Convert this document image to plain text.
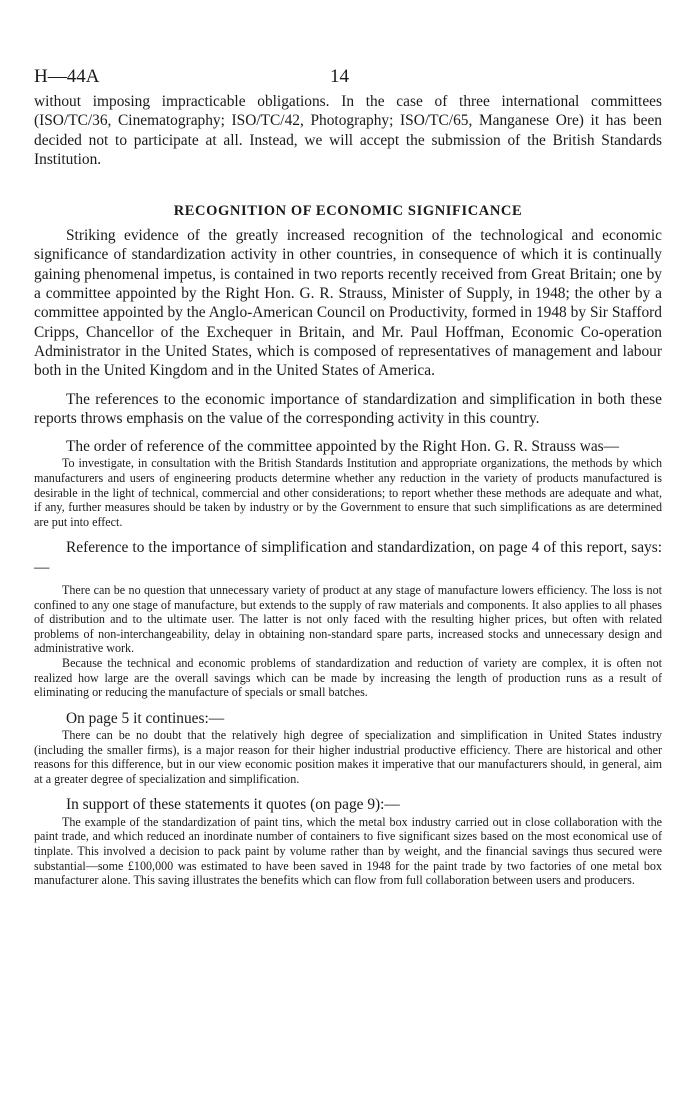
H—44A	14

without imposing impracticable obligations. In the case of three international committees (ISO/TC/36, Cinematography; ISO/TC/42, Photography; ISO/TC/65, Manganese Ore) it has been decided not to participate at all. Instead, we will accept the submission of the British Standards Institution.

RECOGNITION OF ECONOMIC SIGNIFICANCE

Striking evidence of the greatly increased recognition of the technological and economic significance of standardization activity in other countries, in consequence of which it is continually gaining phenomenal impetus, is contained in two reports recently received from Great Britain; one by a committee appointed by the Right Hon. G. R. Strauss, Minister of Supply, in 1948; the other by a committee appointed by the Anglo-American Council on Productivity, formed in 1948 by Sir Stafford Cripps, Chancellor of the Exchequer in Britain, and Mr. Paul Hoffman, Economic Co-operation Administrator in the United States, which is composed of representatives of management and labour both in the United Kingdom and in the United States of America.

The references to the economic importance of standardization and simplification in both these reports throws emphasis on the value of the corresponding activity in this country.

The order of reference of the committee appointed by the Right Hon. G. R. Strauss was—

To investigate, in consultation with the British Standards Institution and appropriate organizations, the methods by which manufacturers and users of engineering products determine whether any reduction in the variety of products manufactured is desirable in the light of technical, commercial and other considerations; to report whether these methods are adequate and what, if any, further measures should be taken by industry or by the Government to ensure that such simplifications as are determined are put into effect.

Reference to the importance of simplification and standardization, on page 4 of this report, says:—

There can be no question that unnecessary variety of product at any stage of manufacture lowers efficiency. The loss is not confined to any one stage of manufacture, but extends to the supply of raw materials and components. It also applies to all phases of distribution and to the ultimate user. The latter is not only faced with the resulting higher prices, but often with related problems of non-interchangeability, delay in obtaining non-standard spare parts, increased stocks and unnecessary design and administrative work.

Because the technical and economic problems of standardization and reduction of variety are complex, it is often not realized how large are the overall savings which can be made by increasing the length of production runs as a result of eliminating or reducing the manufacture of specials or small batches.

On page 5 it continues:—

There can be no doubt that the relatively high degree of specialization and simplification in United States industry (including the smaller firms), is a major reason for their higher industrial productive efficiency. There are historical and other reasons for this difference, but in our view economic position makes it imperative that our manufacturers should, in general, aim at a greater degree of specialization and simplification.

In support of these statements it quotes (on page 9):—

The example of the standardization of paint tins, which the metal box industry carried out in close collaboration with the paint trade, and which reduced an inordinate number of containers to five significant sizes based on the most economical use of tinplate. This involved a decision to pack paint by volume rather than by weight, and the financial savings thus secured were substantial—some £100,000 was estimated to have been saved in 1948 for the paint trade by two factories of one metal box manufacturer alone. This saving illustrates the benefits which can flow from full collaboration between users and producers.
